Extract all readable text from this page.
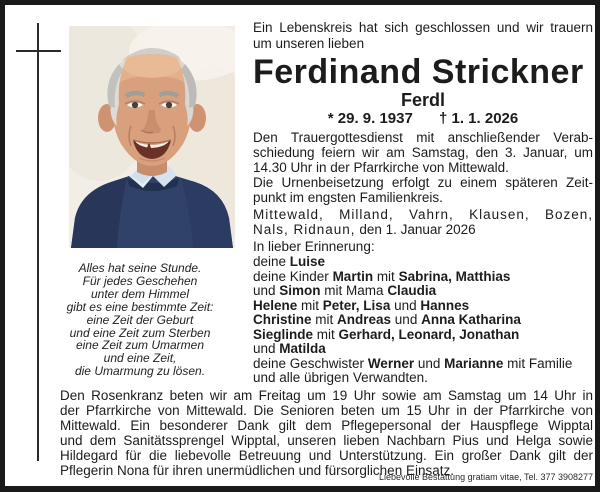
Alles hat seine Stunde.
Für jedes Geschehen
unter dem Himmel
gibt es eine bestimmte Zeit:
eine Zeit der Geburt
und eine Zeit zum Sterben
eine Zeit zum Umarmen
und eine Zeit,
die Umarmung zu lösen.
Ein Lebenskreis hat sich geschlossen und wir trauern
um unseren lieben
Ferdinand Strickner
Ferdl
* 29. 9. 1937 † 1. 1. 2026
Den Trauergottesdienst mit anschließender Verab-
schiedung feiern wir am Samstag, den 3. Januar, um
14.30 Uhr in der Pfarrkirche von Mittewald.
Die Urnenbeisetzung erfolgt zu einem späteren Zeit-
punkt im engsten Familienkreis.
Mittewald, Milland, Vahrn, Klausen, Bozen,
Nals, Ridnaun, den 1. Januar 2026
In lieber Erinnerung:
deine Luise
deine Kinder Martin mit Sabrina, Matthias
und Simon mit Mama Claudia
Helene mit Peter, Lisa und Hannes
Christine mit Andreas und Anna Katharina
Sieglinde mit Gerhard, Leonard, Jonathan
und Matilda
deine Geschwister Werner und Marianne mit Familie
und alle übrigen Verwandten.
Den Rosenkranz beten wir am Freitag um 19 Uhr sowie am Samstag um 14 Uhr in
der Pfarrkirche von Mittewald. Die Senioren beten um 15 Uhr in der Pfarrkirche von
Mittewald. Ein besonderer Dank gilt dem Pflegepersonal der Hauspflege Wipptal
und dem Sanitätssprengel Wipptal, unseren lieben Nachbarn Pius und Helga sowie
Hildegard für die liebevolle Betreuung und Unterstützung. Ein großer Dank gilt der
Pflegerin Nona für ihren unermüdlichen und fürsorglichen Einsatz.
Liebevolle Bestattung gratiam vitae, Tel. 377 3908277
